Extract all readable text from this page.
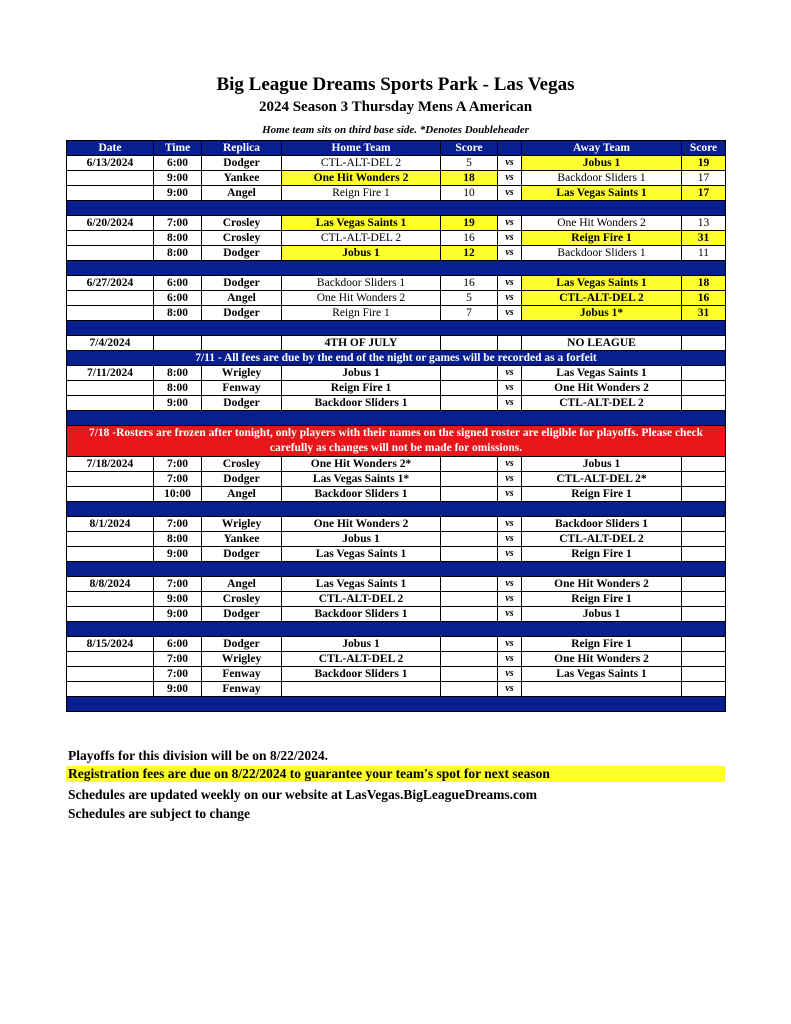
Big League Dreams Sports Park - Las Vegas
2024 Season 3 Thursday Mens A American
Home team sits on third base side. *Denotes Doubleheader
Date	Time	Replica	Home Team	Score		Away Team	Score
6/13/2024	6:00	Dodger	CTL-ALT-DEL 2	5	vs	Jobus 1	19
	9:00	Yankee	One Hit Wonders 2	18	vs	Backdoor Sliders 1	17
	9:00	Angel	Reign Fire 1	10	vs	Las Vegas Saints 1	17

6/20/2024	7:00	Crosley	Las Vegas Saints 1	19	vs	One Hit Wonders 2	13
	8:00	Crosley	CTL-ALT-DEL 2	16	vs	Reign Fire 1	31
	8:00	Dodger	Jobus 1	12	vs	Backdoor Sliders 1	11

6/27/2024	6:00	Dodger	Backdoor Sliders 1	16	vs	Las Vegas Saints 1	18
	6:00	Angel	One Hit Wonders 2	5	vs	CTL-ALT-DEL 2	16
	8:00	Dodger	Reign Fire 1	7	vs	Jobus 1*	31

7/4/2024			4TH OF JULY			NO LEAGUE	
7/11 - All fees are due by the end of the night or games will be recorded as a forfeit							
7/11/2024	8:00	Wrigley	Jobus 1		vs	Las Vegas Saints 1	
	8:00	Fenway	Reign Fire 1		vs	One Hit Wonders 2	
	9:00	Dodger	Backdoor Sliders 1		vs	CTL-ALT-DEL 2	

7/18 -Rosters are frozen after tonight, only players with their names on the signed roster are eligible for playoffs. Please check carefully as changes will not be made for omissions.							
7/18/2024	7:00	Crosley	One Hit Wonders 2*		vs	Jobus 1	
	7:00	Dodger	Las Vegas Saints 1*		vs	CTL-ALT-DEL 2*	
	10:00	Angel	Backdoor Sliders 1		vs	Reign Fire 1	

8/1/2024	7:00	Wrigley	One Hit Wonders 2		vs	Backdoor Sliders 1	
	8:00	Yankee	Jobus 1		vs	CTL-ALT-DEL 2	
	9:00	Dodger	Las Vegas Saints 1		vs	Reign Fire 1	

8/8/2024	7:00	Angel	Las Vegas Saints 1		vs	One Hit Wonders 2	
	9:00	Crosley	CTL-ALT-DEL 2		vs	Reign Fire 1	
	9:00	Dodger	Backdoor Sliders 1		vs	Jobus 1	

8/15/2024	6:00	Dodger	Jobus 1		vs	Reign Fire 1	
	7:00	Wrigley	CTL-ALT-DEL 2		vs	One Hit Wonders 2	
	7:00	Fenway	Backdoor Sliders 1		vs	Las Vegas Saints 1	
	9:00	Fenway			vs		

Playoffs for this division will be on 8/22/2024.
Registration fees are due on 8/22/2024 to guarantee your team's spot for next season
Schedules are updated weekly on our website at LasVegas.BigLeagueDreams.com
Schedules are subject to change
